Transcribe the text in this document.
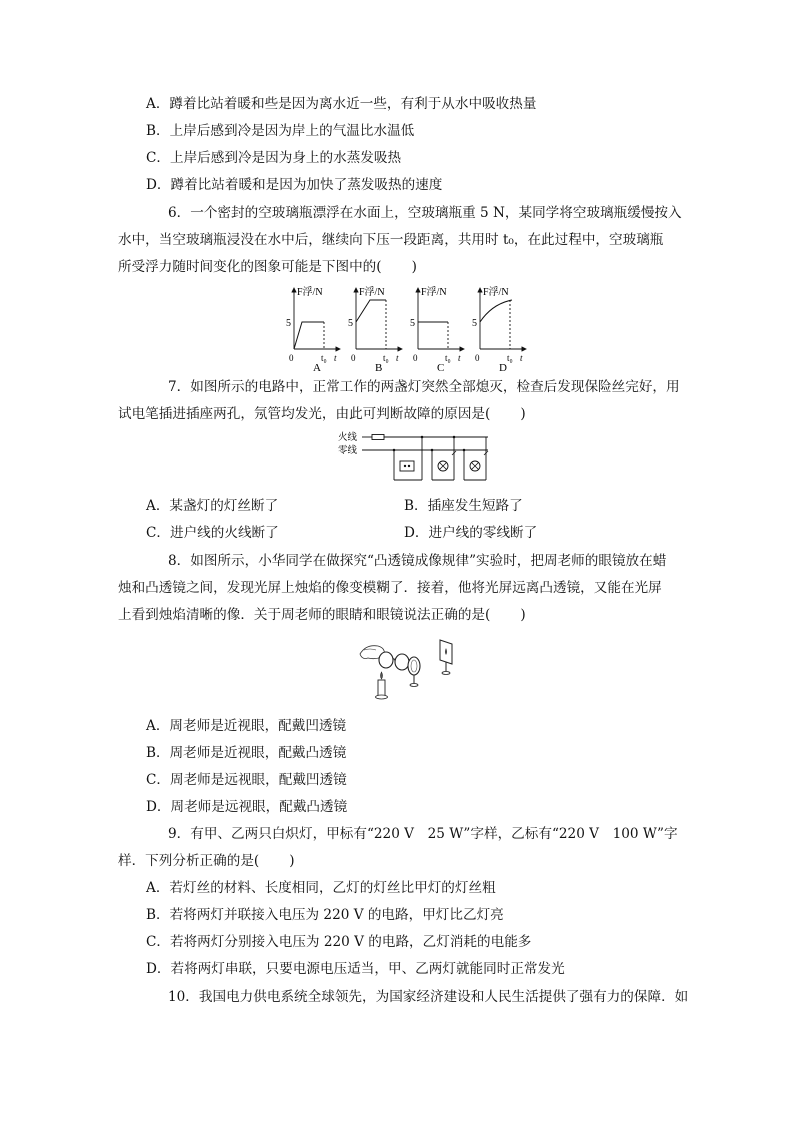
A．蹲着比站着暖和些是因为离水近一些，有利于从水中吸收热量
B．上岸后感到冷是因为岸上的气温比水温低
C．上岸后感到冷是因为身上的水蒸发吸热
D．蹲着比站着暖和是因为加快了蒸发吸热的速度
6．一个密封的空玻璃瓶漂浮在水面上，空玻璃瓶重 5 N，某同学将空玻璃瓶缓慢按入
水中，当空玻璃瓶浸没在水中后，继续向下压一段距离，共用时 t₀，在此过程中，空玻璃瓶
所受浮力随时间变化的图象可能是下图中的( )
F浮/N
5
0	t₀ t
A
F浮/N
5
0	t₀ t
B
F浮/N
5
0	t₀ t
C
F浮/N
5
0	t₀ t
D
7．如图所示的电路中，正常工作的两盏灯突然全部熄灭，检查后发现保险丝完好，用
试电笔插进插座两孔，氖管均发光，由此可判断故障的原因是( )
火线
零线
A．某盏灯的灯丝断了	B．插座发生短路了
C．进户线的火线断了	D．进户线的零线断了
8．如图所示，小华同学在做探究“凸透镜成像规律”实验时，把周老师的眼镜放在蜡
烛和凸透镜之间，发现光屏上烛焰的像变模糊了．接着，他将光屏远离凸透镜，又能在光屏
上看到烛焰清晰的像．关于周老师的眼睛和眼镜说法正确的是( )
A．周老师是近视眼，配戴凹透镜
B．周老师是近视眼，配戴凸透镜
C．周老师是远视眼，配戴凹透镜
D．周老师是远视眼，配戴凸透镜
9．有甲、乙两只白炽灯，甲标有“220 V　25 W”字样，乙标有“220 V　100 W”字
样．下列分析正确的是( )
A．若灯丝的材料、长度相同，乙灯的灯丝比甲灯的灯丝粗
B．若将两灯并联接入电压为 220 V 的电路，甲灯比乙灯亮
C．若将两灯分别接入电压为 220 V 的电路，乙灯消耗的电能多
D．若将两灯串联，只要电源电压适当，甲、乙两灯就能同时正常发光
10．我国电力供电系统全球领先，为国家经济建设和人民生活提供了强有力的保障．如
